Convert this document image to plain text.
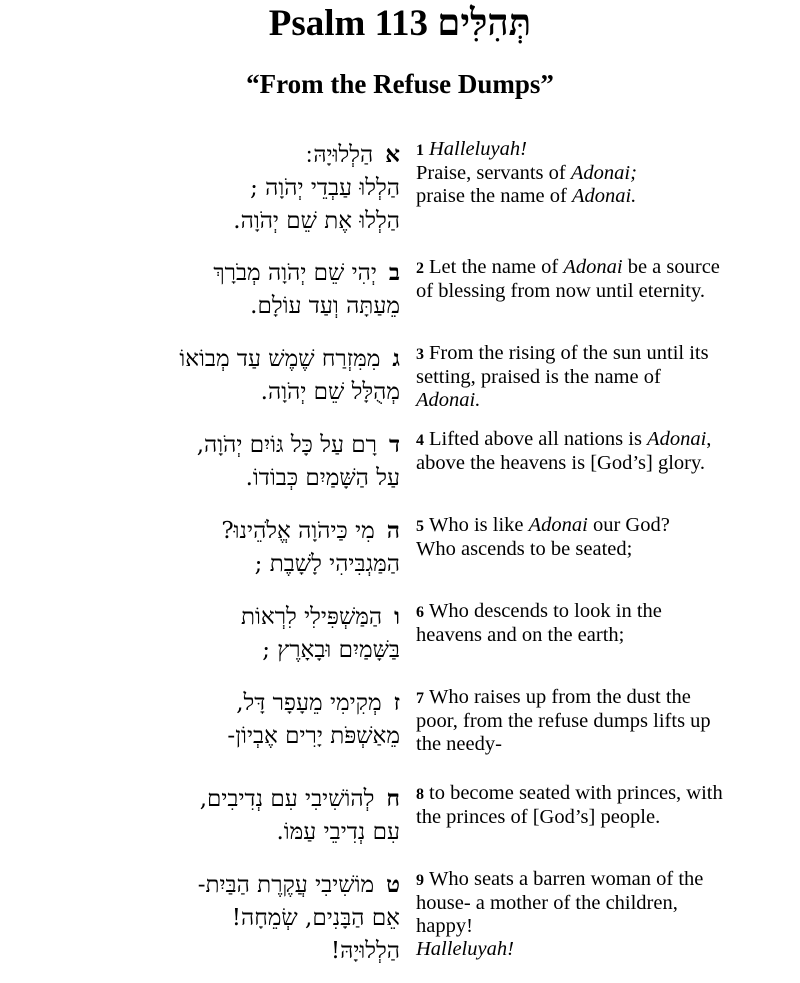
Psalm 113 תְּהִלִּים
“From the Refuse Dumps”
אהַלְלוּיָהּ ׃
הַלְלוּ עַבְדֵי יְהֹוָה ;
הַלְלוּ אֶת שֵׁם יְהֹוָה.
1 Halleluyah!
Praise, servants of Adonai;
praise the name of Adonai.
ביְהִי שֵׁם יְהֹוָה מְבֹרָךְ
מֵעַתָּה וְעַד עוֹלָם.
2 Let the name of Adonai be a source
of blessing from now until eternity.
גמִמִּזְרַח שֶׁמֶשׁ עַד מְבוֹאוֹ
מְהֻלָּל שֵׁם יְהֹוָה.
3 From the rising of the sun until its
setting, praised is the name of
Adonai.
דרָם עַל כָּל גּוֹיִם יְהֹוָה,
עַל הַשָּׁמַיִם כְּבוֹדוֹ.
4 Lifted above all nations is Adonai,
above the heavens is [God’s] glory.
המִי כַּיהֹוָה אֱלֹהֵינוּ?
הַמַּגְבִּיהִי לָשָׁבֶת ;
5 Who is like Adonai our God?
Who ascends to be seated;
והַמַּשְׁפִּילִי לִרְאוֹת
בַּשָּׁמַיִם וּבָאָרֶץ ;
6 Who descends to look in the
heavens and on the earth;
זמְקִימִי מֵעָפָר דָּל,
מֵאַשְׁפֹּת יָרִים אֶבְיוֹן-
7 Who raises up from the dust the
poor, from the refuse dumps lifts up
the needy-
חלְהוֹשִׁיבִי עִם נְדִיבִים,
עִם נְדִיבֵי עַמּוֹ.
8 to become seated with princes, with
the princes of [God’s] people.
טמוֹשִׁיבִי עֲקֶרֶת הַבַּיִת-
אֵם הַבָּנִים, שְׂמֵחָה!
הַלְלוּיָהּ!
9 Who seats a barren woman of the
house- a mother of the children,
happy!
Halleluyah!
